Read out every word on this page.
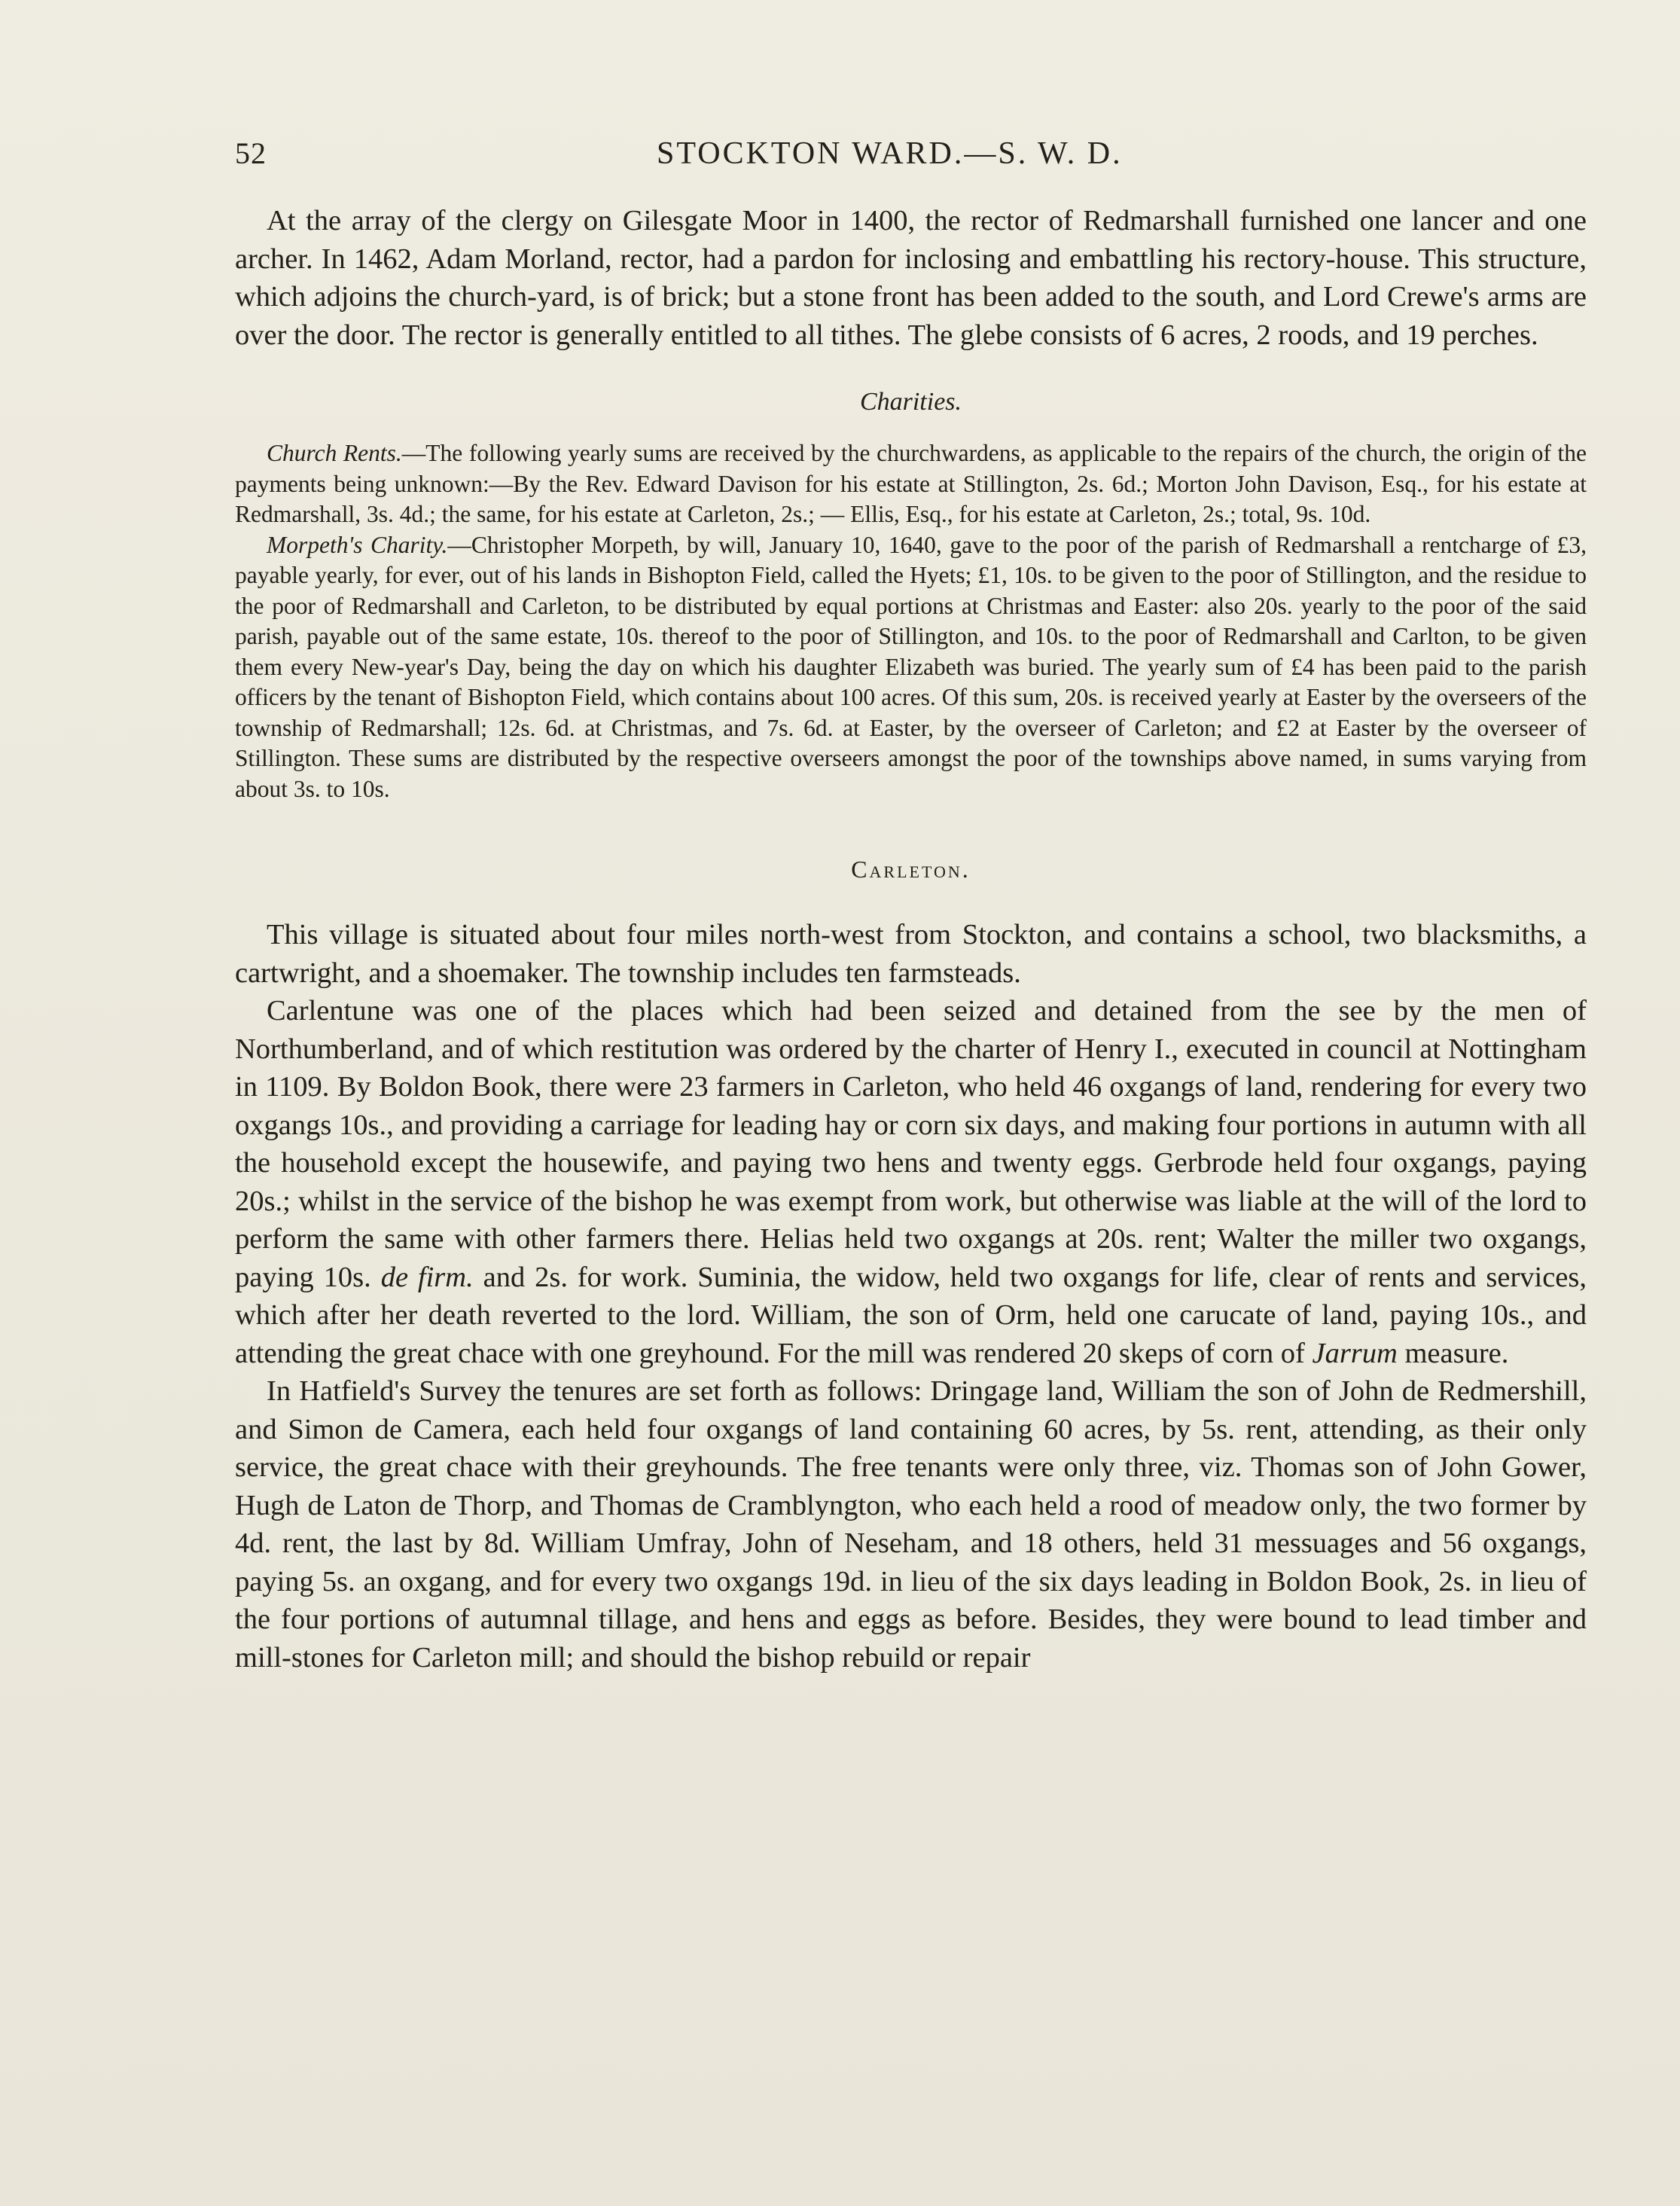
52	STOCKTON WARD.—S. W. D.

At the array of the clergy on Gilesgate Moor in 1400, the rector of Redmarshall furnished one lancer and one archer. In 1462, Adam Morland, rector, had a pardon for inclosing and embattling his rectory-house. This structure, which adjoins the church-yard, is of brick; but a stone front has been added to the south, and Lord Crewe's arms are over the door. The rector is generally entitled to all tithes. The glebe consists of 6 acres, 2 roods, and 19 perches.

Charities.

Church Rents.—The following yearly sums are received by the churchwardens, as applicable to the repairs of the church, the origin of the payments being unknown:—By the Rev. Edward Davison for his estate at Stillington, 2s. 6d.; Morton John Davison, Esq., for his estate at Redmarshall, 3s. 4d.; the same, for his estate at Carleton, 2s.; — Ellis, Esq., for his estate at Carleton, 2s.; total, 9s. 10d.

Morpeth's Charity.—Christopher Morpeth, by will, January 10, 1640, gave to the poor of the parish of Redmarshall a rentcharge of £3, payable yearly, for ever, out of his lands in Bishopton Field, called the Hyets; £1, 10s. to be given to the poor of Stillington, and the residue to the poor of Redmarshall and Carleton, to be distributed by equal portions at Christmas and Easter: also 20s. yearly to the poor of the said parish, payable out of the same estate, 10s. thereof to the poor of Stillington, and 10s. to the poor of Redmarshall and Carlton, to be given them every New-year's Day, being the day on which his daughter Elizabeth was buried. The yearly sum of £4 has been paid to the parish officers by the tenant of Bishopton Field, which contains about 100 acres. Of this sum, 20s. is received yearly at Easter by the overseers of the township of Redmarshall; 12s. 6d. at Christmas, and 7s. 6d. at Easter, by the overseer of Carleton; and £2 at Easter by the overseer of Stillington. These sums are distributed by the respective overseers amongst the poor of the townships above named, in sums varying from about 3s. to 10s.

Carleton.

This village is situated about four miles north-west from Stockton, and contains a school, two blacksmiths, a cartwright, and a shoemaker. The township includes ten farmsteads.

Carlentune was one of the places which had been seized and detained from the see by the men of Northumberland, and of which restitution was ordered by the charter of Henry I., executed in council at Nottingham in 1109. By Boldon Book, there were 23 farmers in Carleton, who held 46 oxgangs of land, rendering for every two oxgangs 10s., and providing a carriage for leading hay or corn six days, and making four portions in autumn with all the household except the housewife, and paying two hens and twenty eggs. Gerbrode held four oxgangs, paying 20s.; whilst in the service of the bishop he was exempt from work, but otherwise was liable at the will of the lord to perform the same with other farmers there. Helias held two oxgangs at 20s. rent; Walter the miller two oxgangs, paying 10s. de firm. and 2s. for work. Suminia, the widow, held two oxgangs for life, clear of rents and services, which after her death reverted to the lord. William, the son of Orm, held one carucate of land, paying 10s., and attending the great chace with one greyhound. For the mill was rendered 20 skeps of corn of Jarrum measure.

In Hatfield's Survey the tenures are set forth as follows: Dringage land, William the son of John de Redmershill, and Simon de Camera, each held four oxgangs of land containing 60 acres, by 5s. rent, attending, as their only service, the great chace with their greyhounds. The free tenants were only three, viz. Thomas son of John Gower, Hugh de Laton de Thorp, and Thomas de Cramblyngton, who each held a rood of meadow only, the two former by 4d. rent, the last by 8d. William Umfray, John of Neseham, and 18 others, held 31 messuages and 56 oxgangs, paying 5s. an oxgang, and for every two oxgangs 19d. in lieu of the six days leading in Boldon Book, 2s. in lieu of the four portions of autumnal tillage, and hens and eggs as before. Besides, they were bound to lead timber and mill-stones for Carleton mill; and should the bishop rebuild or repair
